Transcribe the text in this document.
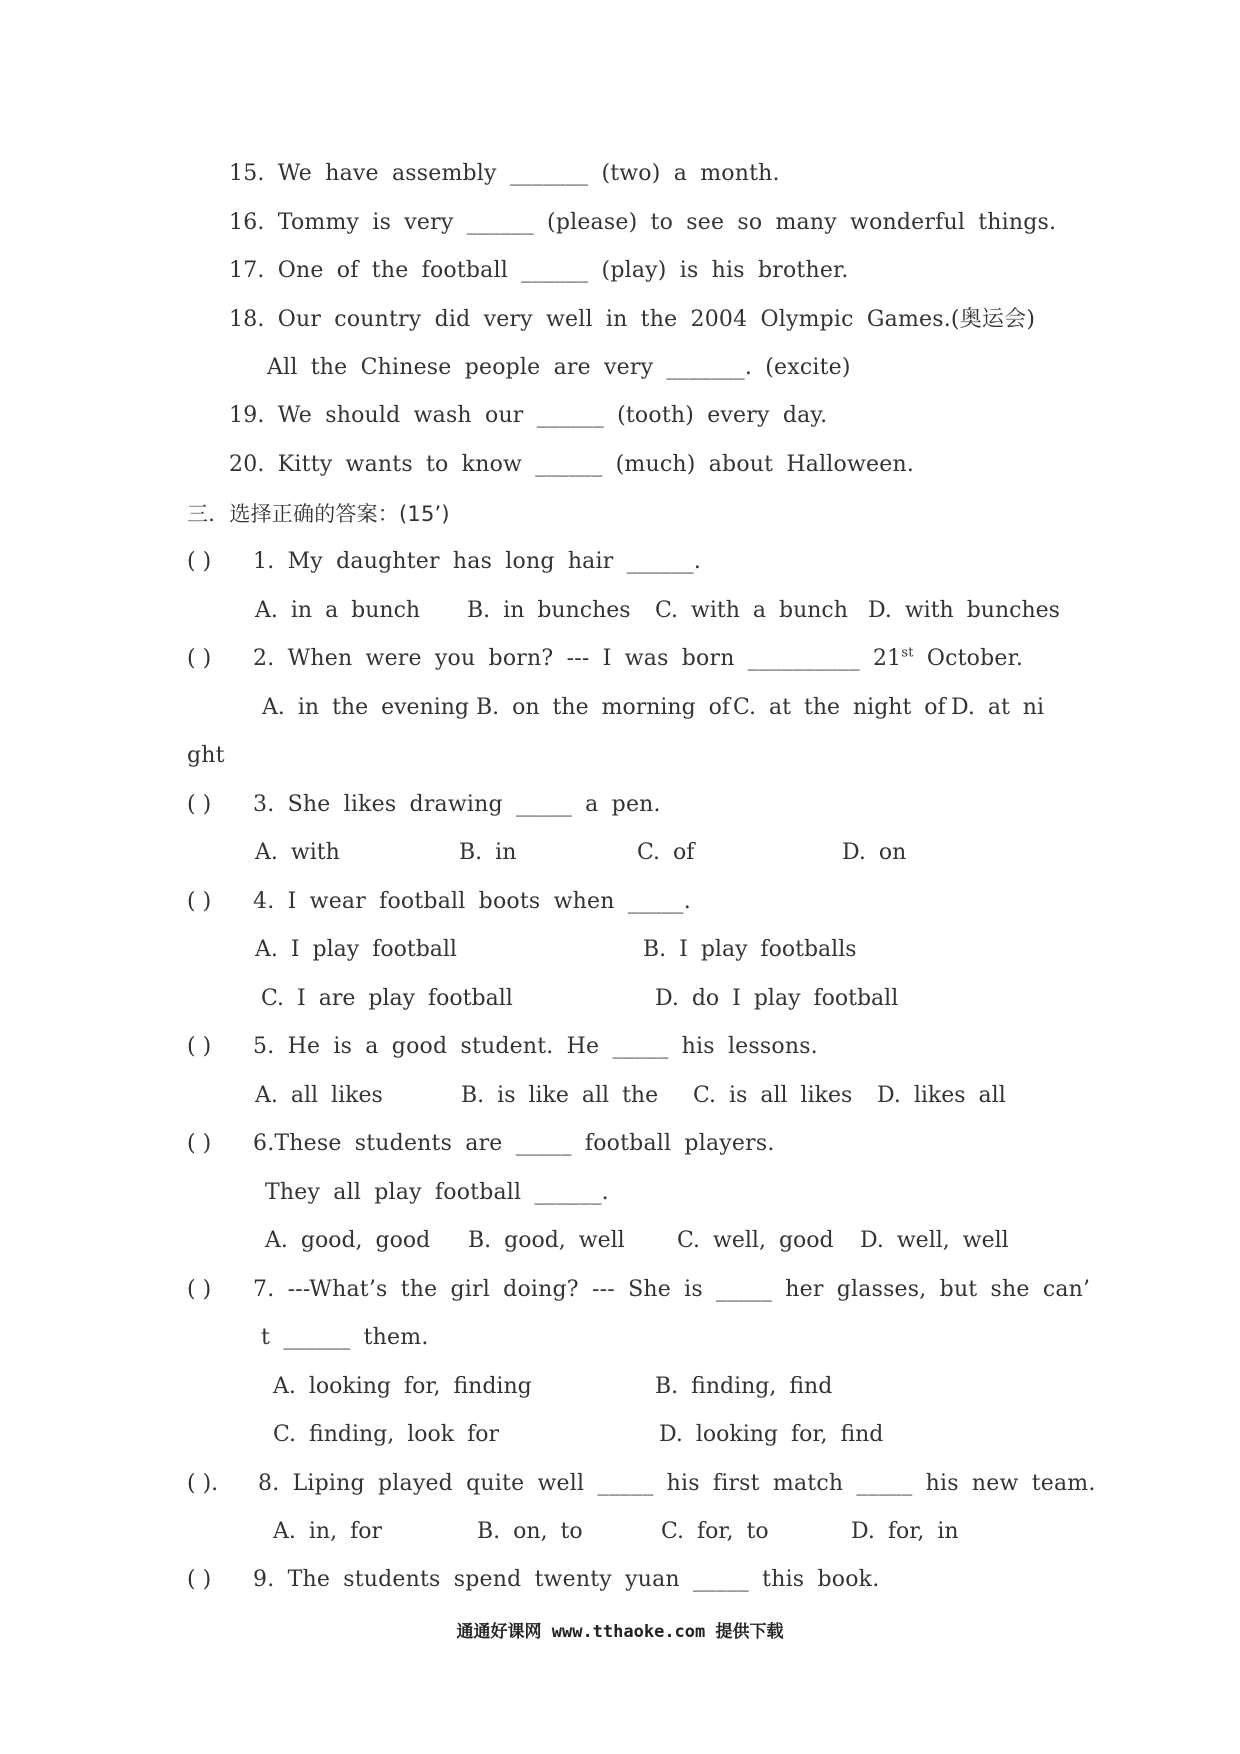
15. We have assembly _______ (two) a month.

16. Tommy is very ______ (please) to see so many wonderful things.

17. One of the football ______ (play) is his brother.

18. Our country did very well in the 2004 Olympic Games.(奥运会)

All the Chinese people are very _______. (excite)

19. We should wash our ______ (tooth) every day.

20. Kitty wants to know ______ (much) about Halloween.

三．选择正确的答案：(15’)

( ) 1. My daughter has long hair ______.

A. in a bunch B. in bunches C. with a bunch D. with bunches

( ) 2. When were you born? --- I was born __________ 21st October.

A. in the evening B. on the morning of C. at the night of D. at ni

ght

( ) 3. She likes drawing _____ a pen.

A. with	B. in	C. of	D. on

( ) 4. I wear football boots when _____.

A. I play football	B. I play footballs

C. I are play football	D. do I play football

( ) 5. He is a good student. He _____ his lessons.

A. all likes	B. is like all the C. is all likes D. likes all

( ) 6.These students are _____ football players.

They all play football ______.

A. good, good B. good, well C. well, good D. well, well

( ) 7. ---What’s the girl doing? --- She is _____ her glasses, but she can’

t ______ them.

A. looking for, finding	B. finding, find

C. finding, look for	D. looking for, find

( ). 8. Liping played quite well _____ his first match _____ his new team.

A. in, for	B. on, to	C. for, to	D. for, in

( ) 9. The students spend twenty yuan _____ this book.

通通好课网 www.tthaoke.com 提供下载
